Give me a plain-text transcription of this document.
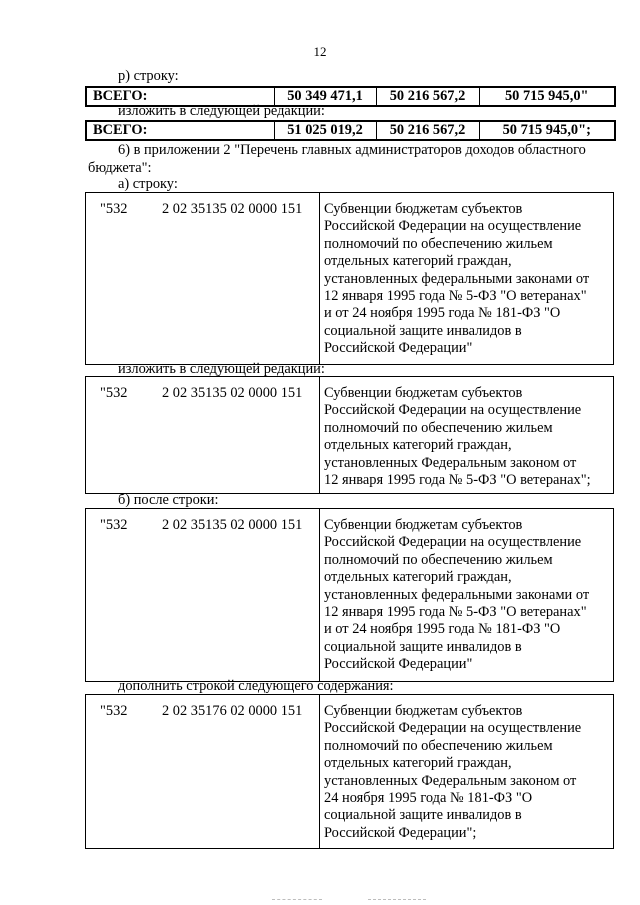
12
р) строку:
ВСЕГО:	50 349 471,1	50 216 567,2	50 715 945,0"
изложить в следующей редакции:
ВСЕГО:	51 025 019,2	50 216 567,2	50 715 945,0";
6) в приложении 2 "Перечень главных администраторов доходов областного бюджета":
а) строку:
"532 2 02 35135 02 0000 151 Субвенции бюджетам субъектов
Российской Федерации на осуществление
полномочий по обеспечению жильем
отдельных категорий граждан,
установленных федеральными законами от
12 января 1995 года № 5-ФЗ "О ветеранах"
и от 24 ноября 1995 года № 181-ФЗ "О
социальной защите инвалидов в
Российской Федерации"
изложить в следующей редакции:
"532 2 02 35135 02 0000 151 Субвенции бюджетам субъектов
Российской Федерации на осуществление
полномочий по обеспечению жильем
отдельных категорий граждан,
установленных Федеральным законом от
12 января 1995 года № 5-ФЗ "О ветеранах";
б) после строки:
"532 2 02 35135 02 0000 151 Субвенции бюджетам субъектов
Российской Федерации на осуществление
полномочий по обеспечению жильем
отдельных категорий граждан,
установленных федеральными законами от
12 января 1995 года № 5-ФЗ "О ветеранах"
и от 24 ноября 1995 года № 181-ФЗ "О
социальной защите инвалидов в
Российской Федерации"
дополнить строкой следующего содержания:
"532 2 02 35176 02 0000 151 Субвенции бюджетам субъектов
Российской Федерации на осуществление
полномочий по обеспечению жильем
отдельных категорий граждан,
установленных Федеральным законом от
24 ноября 1995 года № 181-ФЗ "О
социальной защите инвалидов в
Российской Федерации";
